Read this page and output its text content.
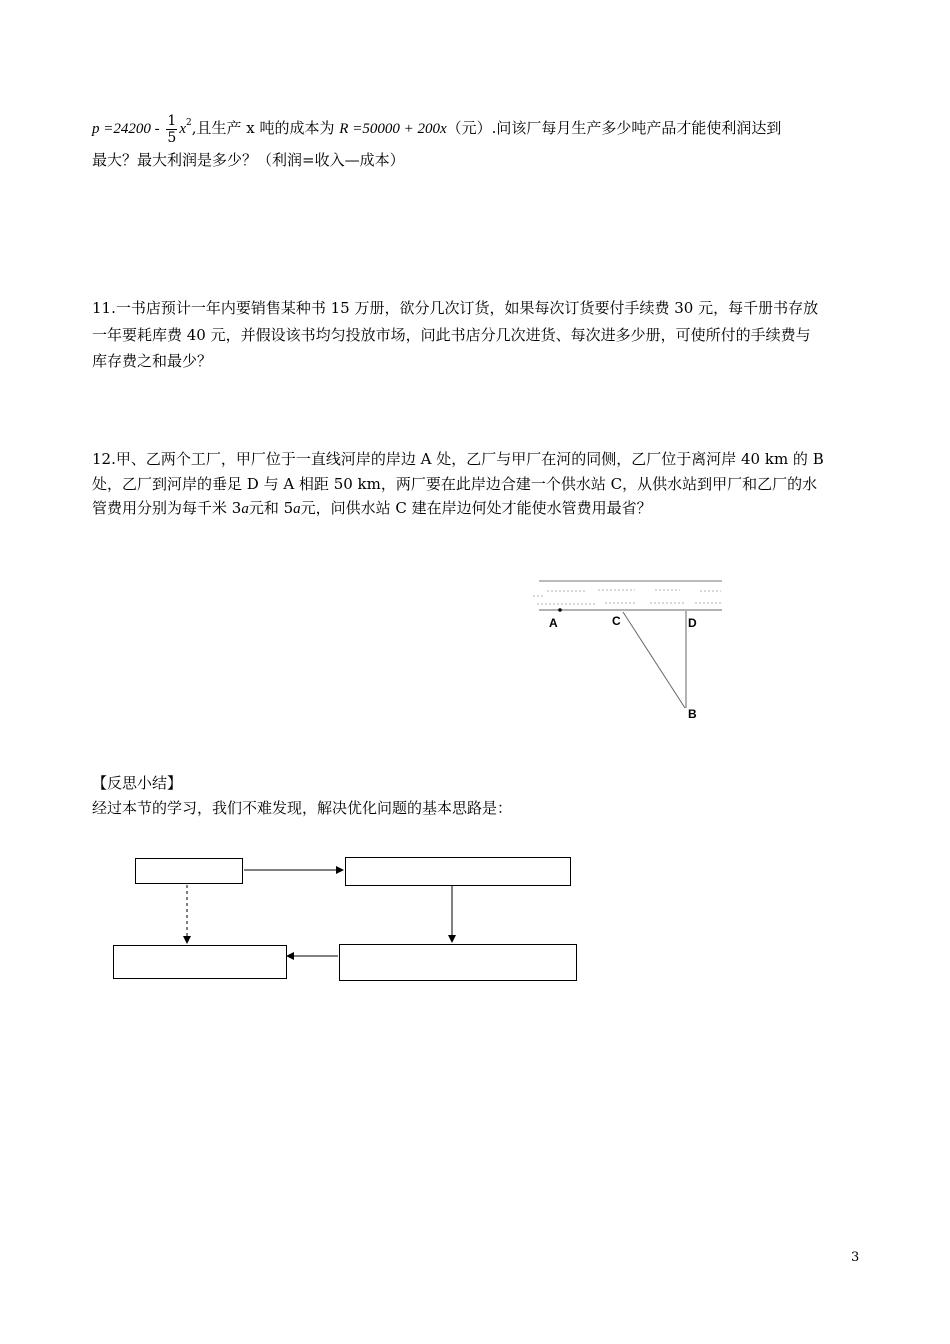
$p =24200 - \frac{1}{5} x^2$,且生产 x 吨的成本为 R =50000 + 200x（元）.问该厂每月生产多少吨产品才能使利润达到
最大？最大利润是多少？（利润=收入—成本）
11.一书店预计一年内要销售某种书 15 万册，欲分几次订货，如果每次订货要付手续费 30 元，每千册书存放
一年要耗库费 40 元，并假设该书均匀投放市场，问此书店分几次进货、每次进多少册，可使所付的手续费与
库存费之和最少？
12.甲、乙两个工厂，甲厂位于一直线河岸的岸边 A 处，乙厂与甲厂在河的同侧，乙厂位于离河岸 40 km 的 B
处，乙厂到河岸的垂足 D 与 A 相距 50 km，两厂要在此岸边合建一个供水站 C，从供水站到甲厂和乙厂的水
管费用分别为每千米 3a元和 5a元，问供水站 C 建在岸边何处才能使水管费用最省？
A	C	D
B
【反思小结】
经过本节的学习，我们不难发现，解决优化问题的基本思路是：
3
